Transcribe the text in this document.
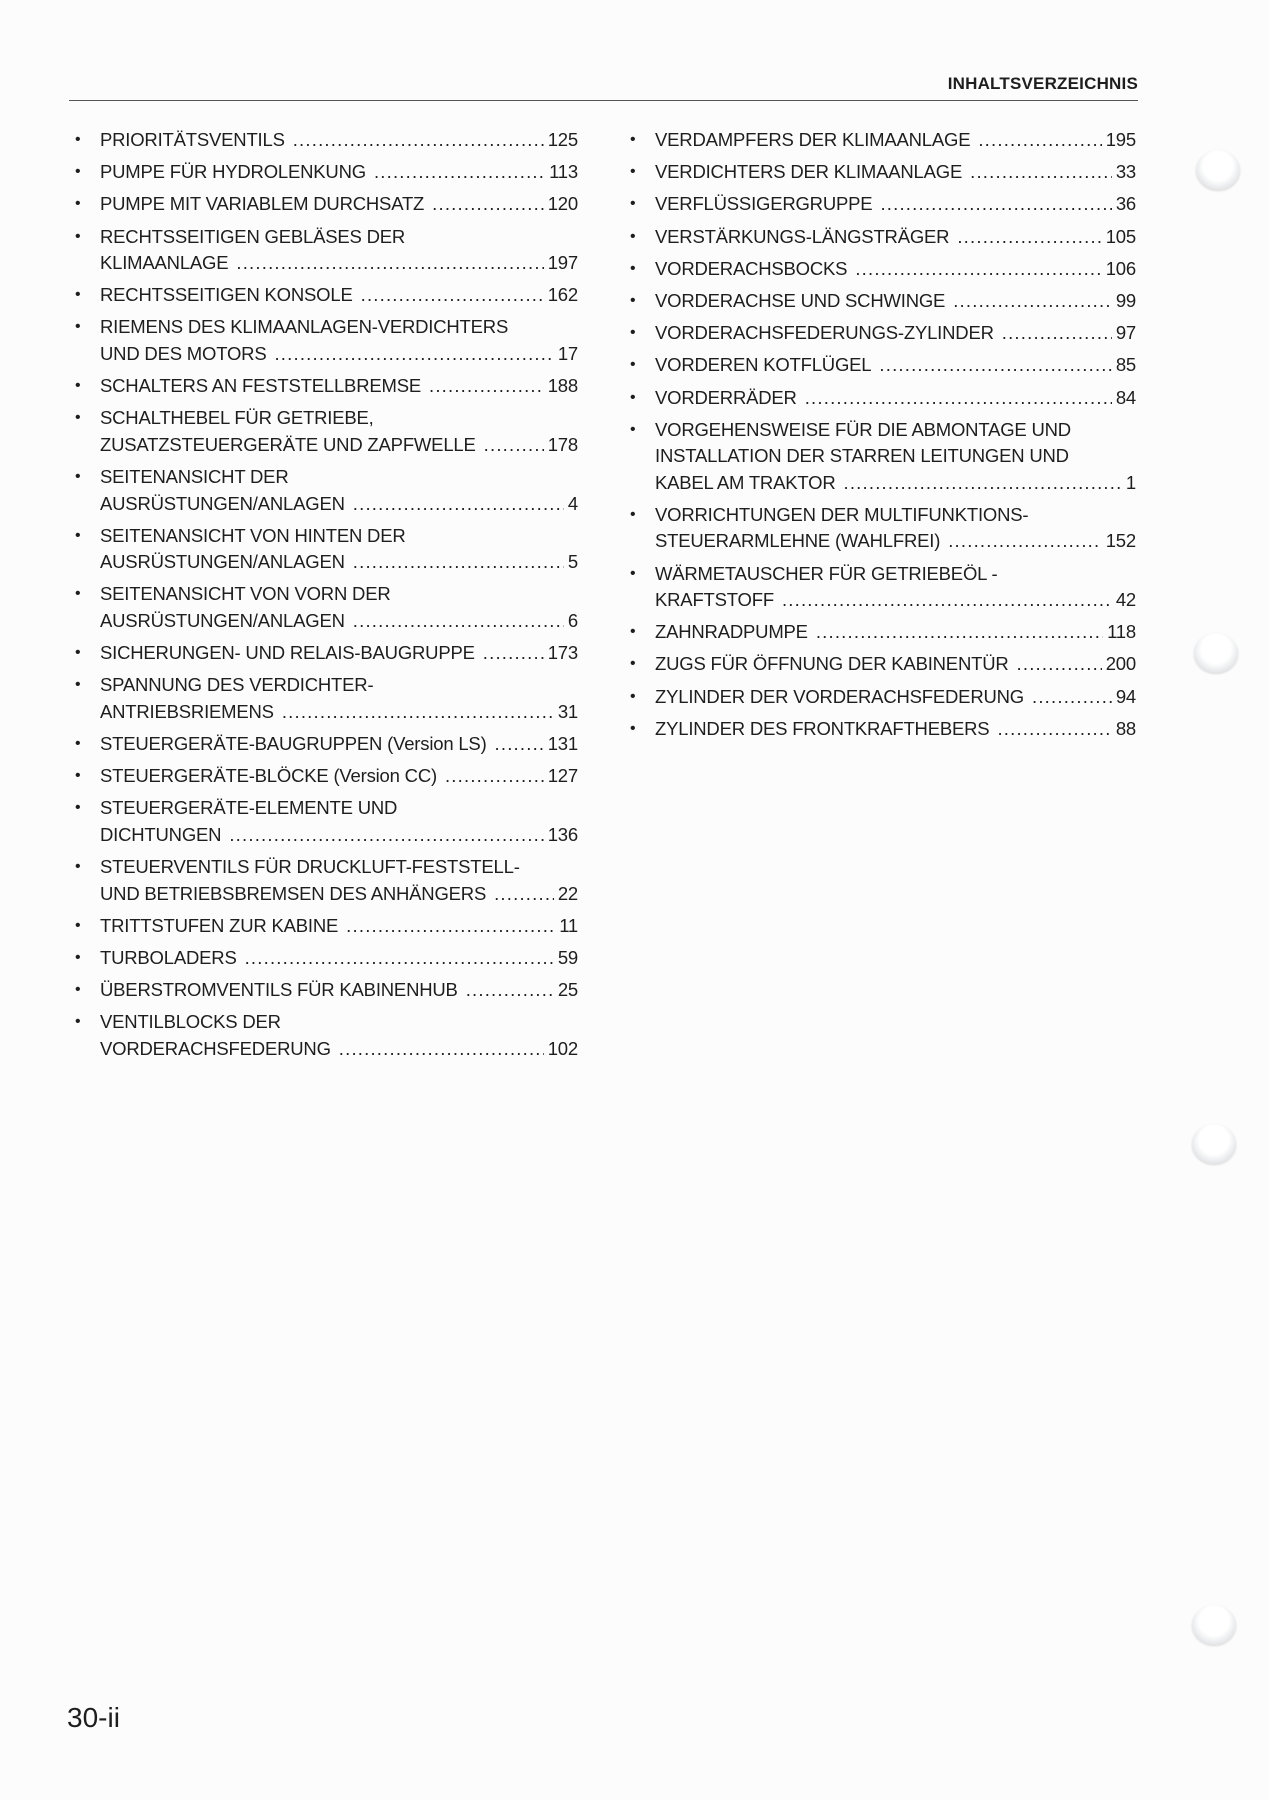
INHALTSVERZEICHNIS
• PRIORITÄTSVENTILS .....	125
• PUMPE FÜR HYDROLENKUNG .....	113
• PUMPE MIT VARIABLEM DURCHSATZ .....	120
• RECHTSSEITIGEN GEBLÄSES DER
KLIMAANLAGE .....	197
• RECHTSSEITIGEN KONSOLE .....	162
• RIEMENS DES KLIMAANLAGEN-VERDICHTERS
UND DES MOTORS .....	17
• SCHALTERS AN FESTSTELLBREMSE .....	188
• SCHALTHEBEL FÜR GETRIEBE,
ZUSATZSTEUERGERÄTE UND ZAPFWELLE .....	178
• SEITENANSICHT DER
AUSRÜSTUNGEN/ANLAGEN .....	4
• SEITENANSICHT VON HINTEN DER
AUSRÜSTUNGEN/ANLAGEN .....	5
• SEITENANSICHT VON VORN DER
AUSRÜSTUNGEN/ANLAGEN .....	6
• SICHERUNGEN- UND RELAIS-BAUGRUPPE .....	173
• SPANNUNG DES VERDICHTER-
ANTRIEBSRIEMENS .....	31
• STEUERGERÄTE-BAUGRUPPEN (Version LS) .....	131
• STEUERGERÄTE-BLÖCKE (Version CC) .....	127
• STEUERGERÄTE-ELEMENTE UND
DICHTUNGEN .....	136
• STEUERVENTILS FÜR DRUCKLUFT-FESTSTELL-
UND BETRIEBSBREMSEN DES ANHÄNGERS .....	22
• TRITTSTUFEN ZUR KABINE .....	11
• TURBOLADERS .....	59
• ÜBERSTROMVENTILS FÜR KABINENHUB .....	25
• VENTILBLOCKS DER
VORDERACHSFEDERUNG .....	102
• VERDAMPFERS DER KLIMAANLAGE .....	195
• VERDICHTERS DER KLIMAANLAGE .....	33
• VERFLÜSSIGERGRUPPE .....	36
• VERSTÄRKUNGS-LÄNGSTRÄGER .....	105
• VORDERACHSBOCKS .....	106
• VORDERACHSE UND SCHWINGE .....	99
• VORDERACHSFEDERUNGS-ZYLINDER .....	97
• VORDEREN KOTFLÜGEL .....	85
• VORDERRÄDER .....	84
• VORGEHENSWEISE FÜR DIE ABMONTAGE UND
INSTALLATION DER STARREN LEITUNGEN UND
KABEL AM TRAKTOR .....	1
• VORRICHTUNGEN DER MULTIFUNKTIONS-
STEUERARMLEHNE (WAHLFREI) .....	152
• WÄRMETAUSCHER FÜR GETRIEBEÖL -
KRAFTSTOFF .....	42
• ZAHNRADPUMPE .....	118
• ZUGS FÜR ÖFFNUNG DER KABINENTÜR .....	200
• ZYLINDER DER VORDERACHSFEDERUNG .....	94
• ZYLINDER DES FRONTKRAFTHEBERS .....	88
30-ii
